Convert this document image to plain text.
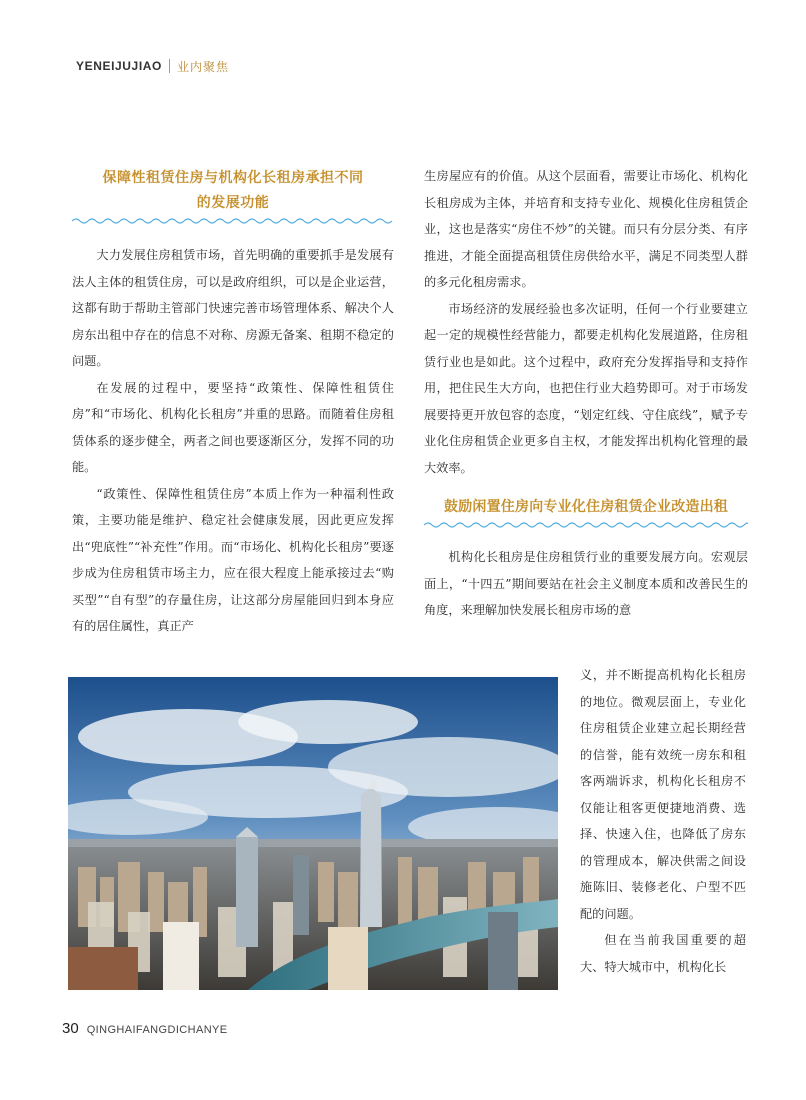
YENEIJUJIAO 业内聚焦
保障性租赁住房与机构化长租房承担不同
的发展功能

大力发展住房租赁市场，首先明确的重要抓手是发展有法人主体的租赁住房，可以是政府组织，可以是企业运营，这都有助于帮助主管部门快速完善市场管理体系、解决个人房东出租中存在的信息不对称、房源无备案、租期不稳定的问题。

在发展的过程中，要坚持“政策性、保障性租赁住房”和“市场化、机构化长租房”并重的思路。而随着住房租赁体系的逐步健全，两者之间也要逐渐区分，发挥不同的功能。

“政策性、保障性租赁住房”本质上作为一种福利性政策，主要功能是维护、稳定社会健康发展，因此更应发挥出“兜底性”“补充性”作用。而“市场化、机构化长租房”要逐步成为住房租赁市场主力，应在很大程度上能承接过去“购买型”“自有型”的存量住房，让这部分房屋能回归到本身应有的居住属性，真正产

生房屋应有的价值。从这个层面看，需要让市场化、机构化长租房成为主体，并培育和支持专业化、规模化住房租赁企业，这也是落实“房住不炒”的关键。而只有分层分类、有序推进，才能全面提高租赁住房供给水平，满足不同类型人群的多元化租房需求。

市场经济的发展经验也多次证明，任何一个行业要建立起一定的规模性经营能力，都要走机构化发展道路，住房租赁行业也是如此。这个过程中，政府充分发挥指导和支持作用，把住民生大方向，也把住行业大趋势即可。对于市场发展要持更开放包容的态度，“划定红线、守住底线”，赋予专业化住房租赁企业更多自主权，才能发挥出机构化管理的最大效率。

鼓励闲置住房向专业化住房租赁企业改造出租

机构化长租房是住房租赁行业的重要发展方向。宏观层面上，“十四五”期间要站在社会主义制度本质和改善民生的角度，来理解加快发展长租房市场的意

义，并不断提高机构化长租房的地位。微观层面上，专业化住房租赁企业建立起长期经营的信誉，能有效统一房东和租客两端诉求，机构化长租房不仅能让租客更便捷地消费、选择、快速入住，也降低了房东的管理成本，解决供需之间设施陈旧、装修老化、户型不匹配的问题。

但在当前我国重要的超大、特大城市中，机构化长

30 QINGHAIFANGDICHANYE
